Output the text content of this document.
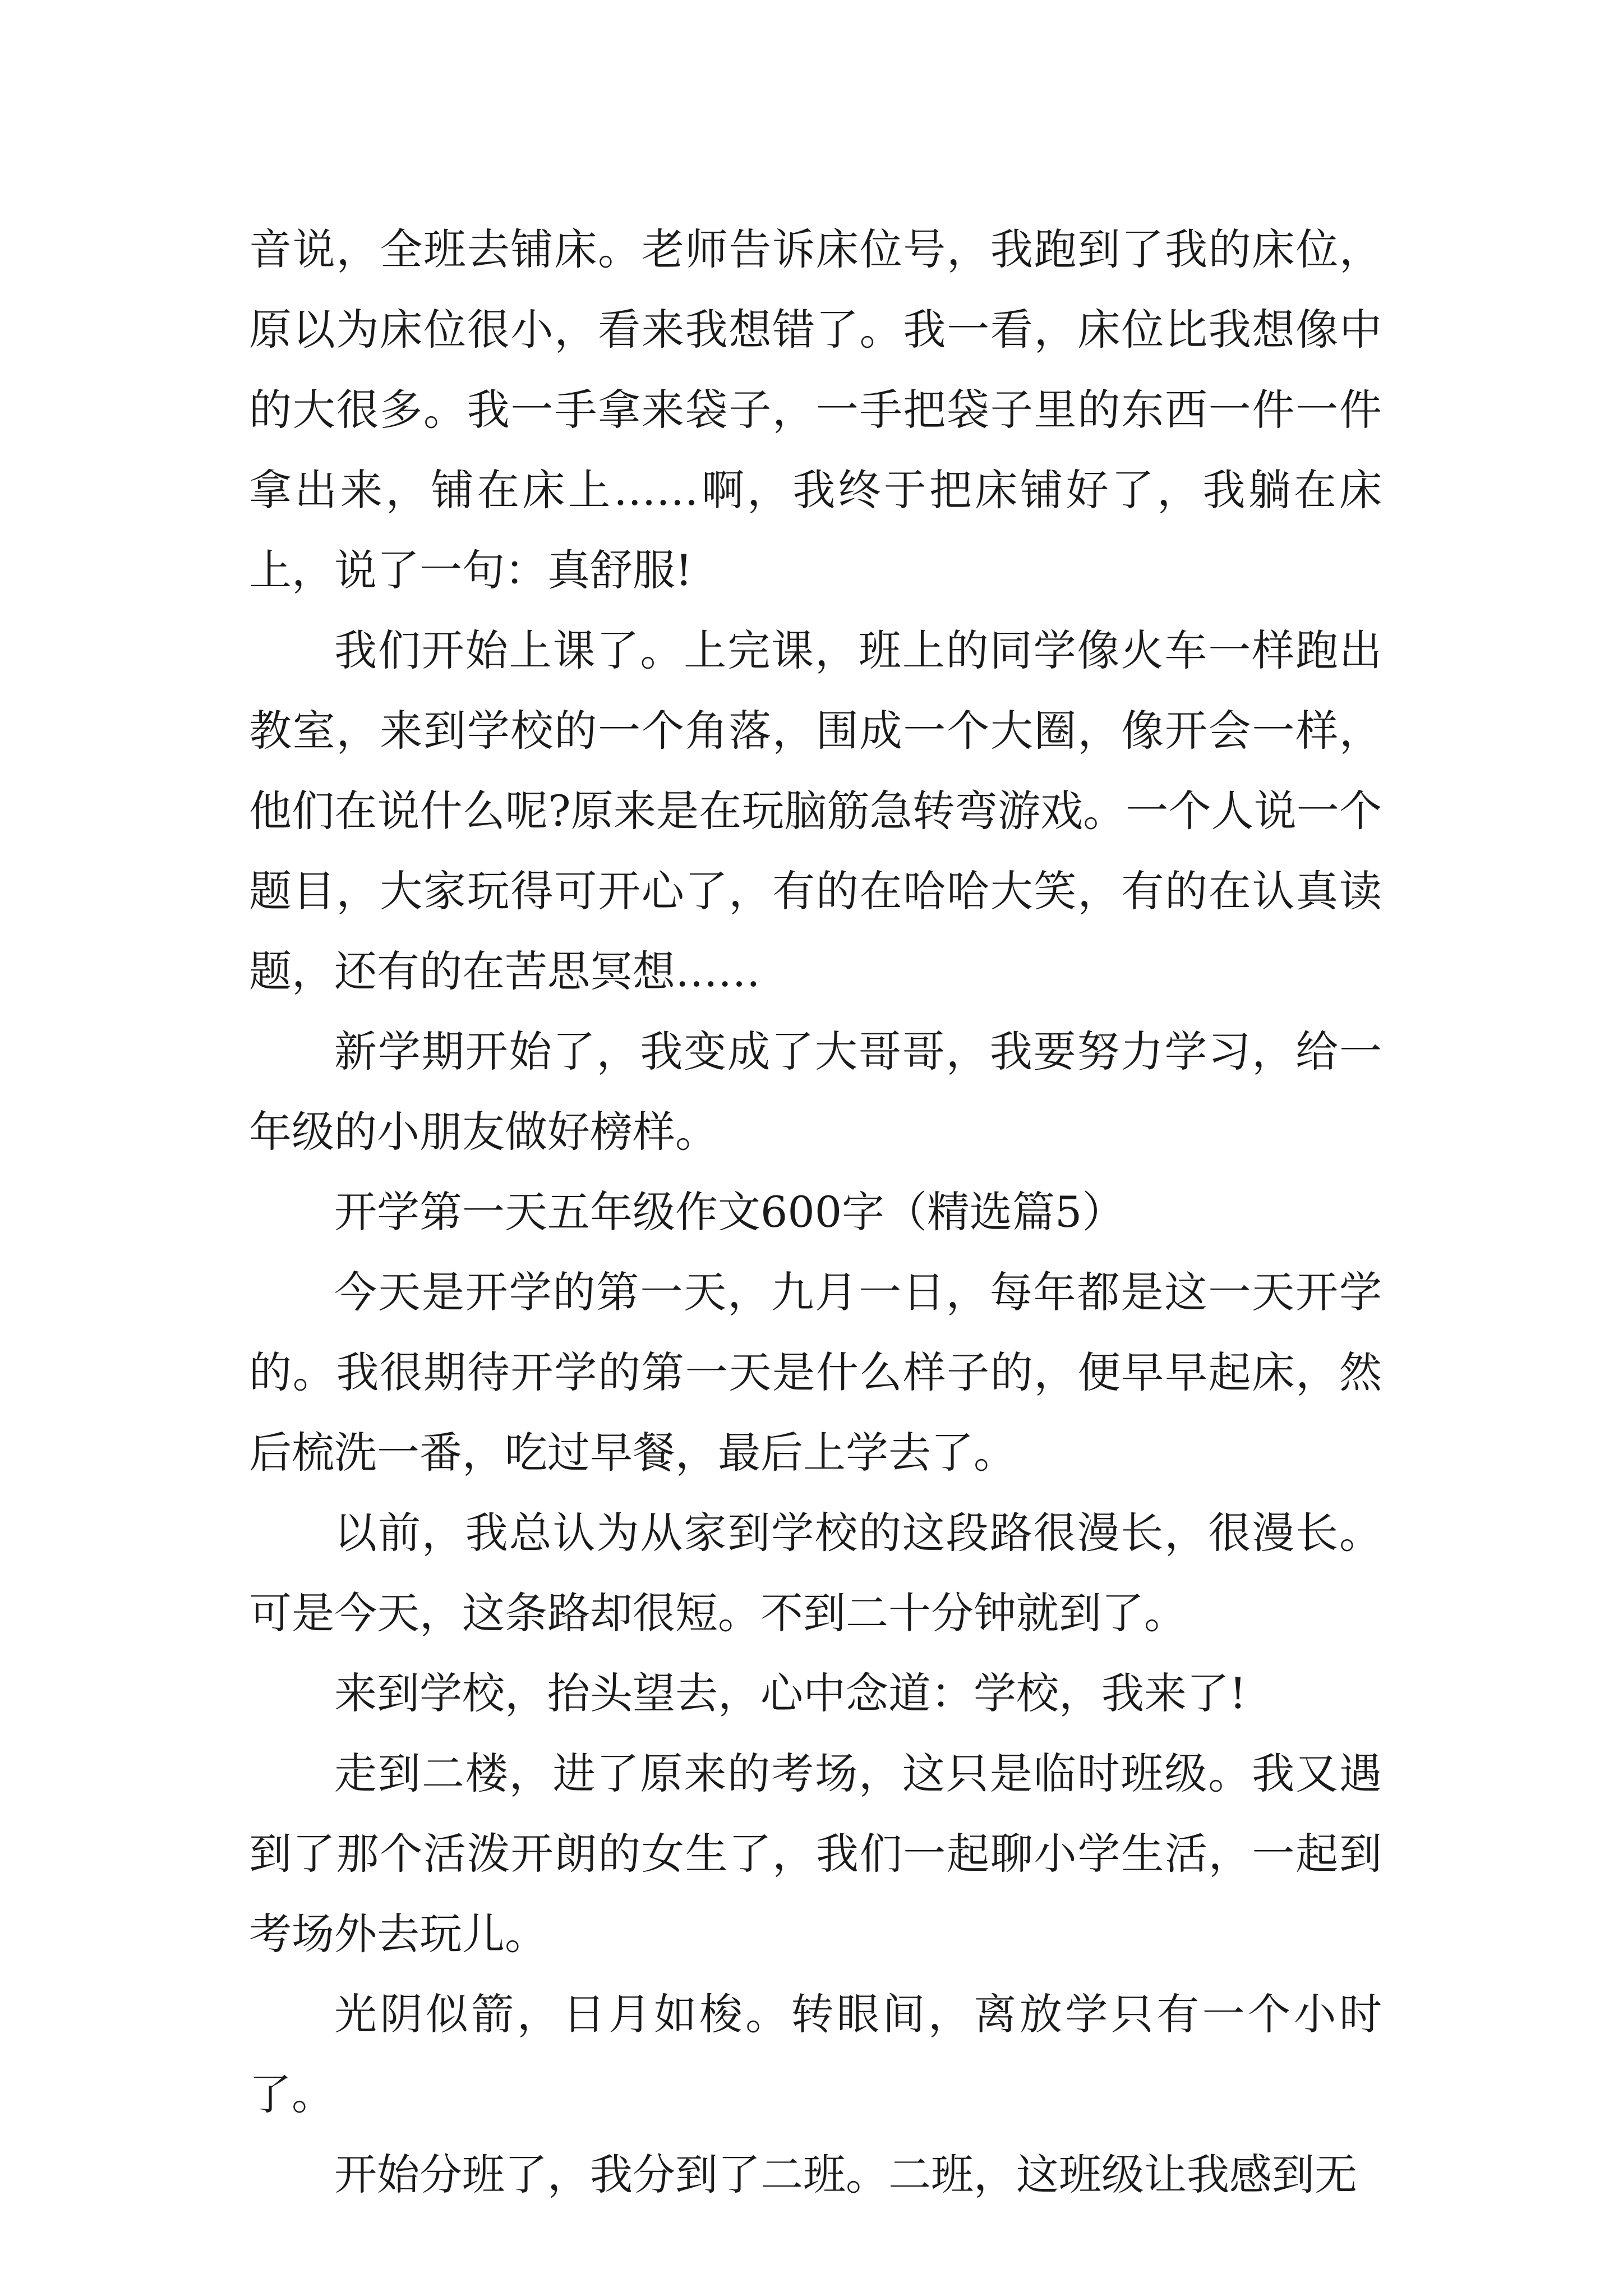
音说，全班去铺床。老师告诉床位号，我跑到了我的床位，原以为床位很小，看来我想错了。我一看，床位比我想像中的大很多。我一手拿来袋子，一手把袋子里的东西一件一件拿出来，铺在床上……啊，我终于把床铺好了，我躺在床上，说了一句：真舒服!

我们开始上课了。上完课，班上的同学像火车一样跑出教室，来到学校的一个角落，围成一个大圈，像开会一样，他们在说什么呢?原来是在玩脑筋急转弯游戏。一个人说一个题目，大家玩得可开心了，有的在哈哈大笑，有的在认真读题，还有的在苦思冥想……

新学期开始了，我变成了大哥哥，我要努力学习，给一年级的小朋友做好榜样。

开学第一天五年级作文600字（精选篇5）

今天是开学的第一天，九月一日，每年都是这一天开学的。我很期待开学的第一天是什么样子的，便早早起床，然后梳洗一番，吃过早餐，最后上学去了。

以前，我总认为从家到学校的这段路很漫长，很漫长。可是今天，这条路却很短。不到二十分钟就到了。

来到学校，抬头望去，心中念道：学校，我来了!

走到二楼，进了原来的考场，这只是临时班级。我又遇到了那个活泼开朗的女生了，我们一起聊小学生活，一起到考场外去玩儿。

光阴似箭，日月如梭。转眼间，离放学只有一个小时了。

开始分班了，我分到了二班。二班，这班级让我感到无
